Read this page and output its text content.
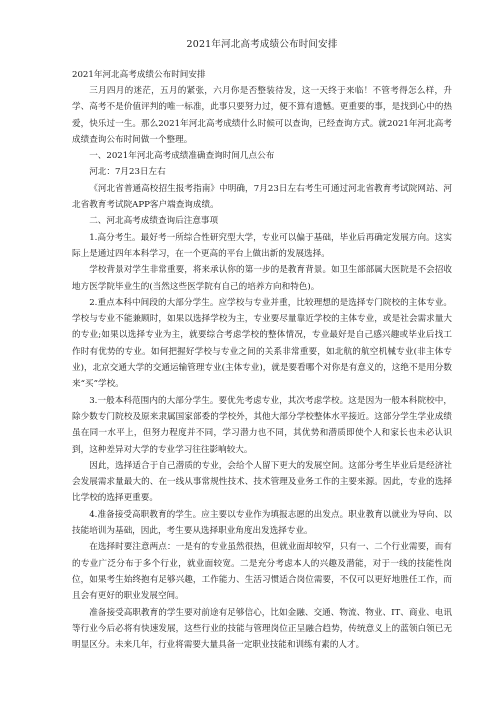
2021年河北高考成绩公布时间安排
2021年河北高考成绩公布时间安排

三月四月的迷茫，五月的紧张，六月你是否整装待发，这一天终于来临！不管考得怎么样，升学、高考不是价值评判的唯一标准，此事只要努力过，便不算有遗憾。更重要的事，是找到心中的热爱，快乐过一生。那么2021年河北高考成绩什么时候可以查询，已经查询方式。就2021年河北高考成绩查询公布时间做一个整理。

一、2021年河北高考成绩准确查询时间几点公布

河北：7月23日左右

《河北省普通高校招生报考指南》中明确，7月23日左右考生可通过河北省教育考试院网站、河北省教育考试院APP客户端查询成绩。

二、河北高考成绩查询后注意事项

1.高分考生。最好考一所综合性研究型大学，专业可以偏于基础，毕业后再确定发展方向。这实际上是通过四年本科学习，在一个更高的平台上做出新的发展选择。

学校背景对学生非常重要，将来承认你的第一步的是教育背景。如卫生部部属大医院是不会招收地方医学院毕业生的(当然这些医学院有自己的培养方向和特色)。

2.重点本科中间段的大部分学生。应学校与专业并重，比较理想的是选择专门院校的主体专业。学校与专业不能兼顾时，如果以选择学校为主，专业要尽量靠近学校的主体专业，或是社会需求量大的专业;如果以选择专业为主，就要综合考虑学校的整体情况，专业最好是自己感兴趣或毕业后找工作时有优势的专业。如何把握好学校与专业之间的关系非常重要，如北航的航空机械专业(非主体专业)，北京交通大学的交通运输管理专业(主体专业)，就是要看哪个对你是有意义的，这绝不是用分数来“买”学校。

3.一般本科范围内的大部分学生。要优先考虑专业，其次考虑学校。这是因为一般本科院校中，除少数专门院校及原来隶属国家部委的学校外，其他大部分学校整体水平接近。这部分学生学业成绩虽在同一水平上，但努力程度并不同，学习潜力也不同，其优势和潜质即使个人和家长也未必认识到，这种差异对大学的专业学习往往影响较大。

因此，选择适合于自己潜质的专业，会给个人留下更大的发展空间。这部分考生毕业后是经济社会发展需求量最大的、在一线从事常规性技术、技术管理及业务工作的主要来源。因此，专业的选择比学校的选择更重要。

4.准备接受高职教育的学生。应主要以专业作为填报志愿的出发点。职业教育以就业为导向、以技能培训为基础，因此，考生要从选择职业角度出发选择专业。

在选择时要注意两点：一是有的专业虽然很热，但就业面却较窄，只有一、二个行业需要，而有的专业广泛分布于多个行业，就业面较宽。二是充分考虑本人的兴趣及潜能，对于一线的技能性岗位，如果考生始终抱有足够兴趣，工作能力、生活习惯适合岗位需要，不仅可以更好地胜任工作，而且会有更好的职业发展空间。

准备接受高职教育的学生要对前途有足够信心，比如金融、交通、物流、物业、IT、商业、电讯等行业今后必将有快速发展，这些行业的技能与管理岗位正呈融合趋势，传统意义上的蓝领白领已无明显区分。未来几年，行业将需要大量具备一定职业技能和训练有素的人才。
